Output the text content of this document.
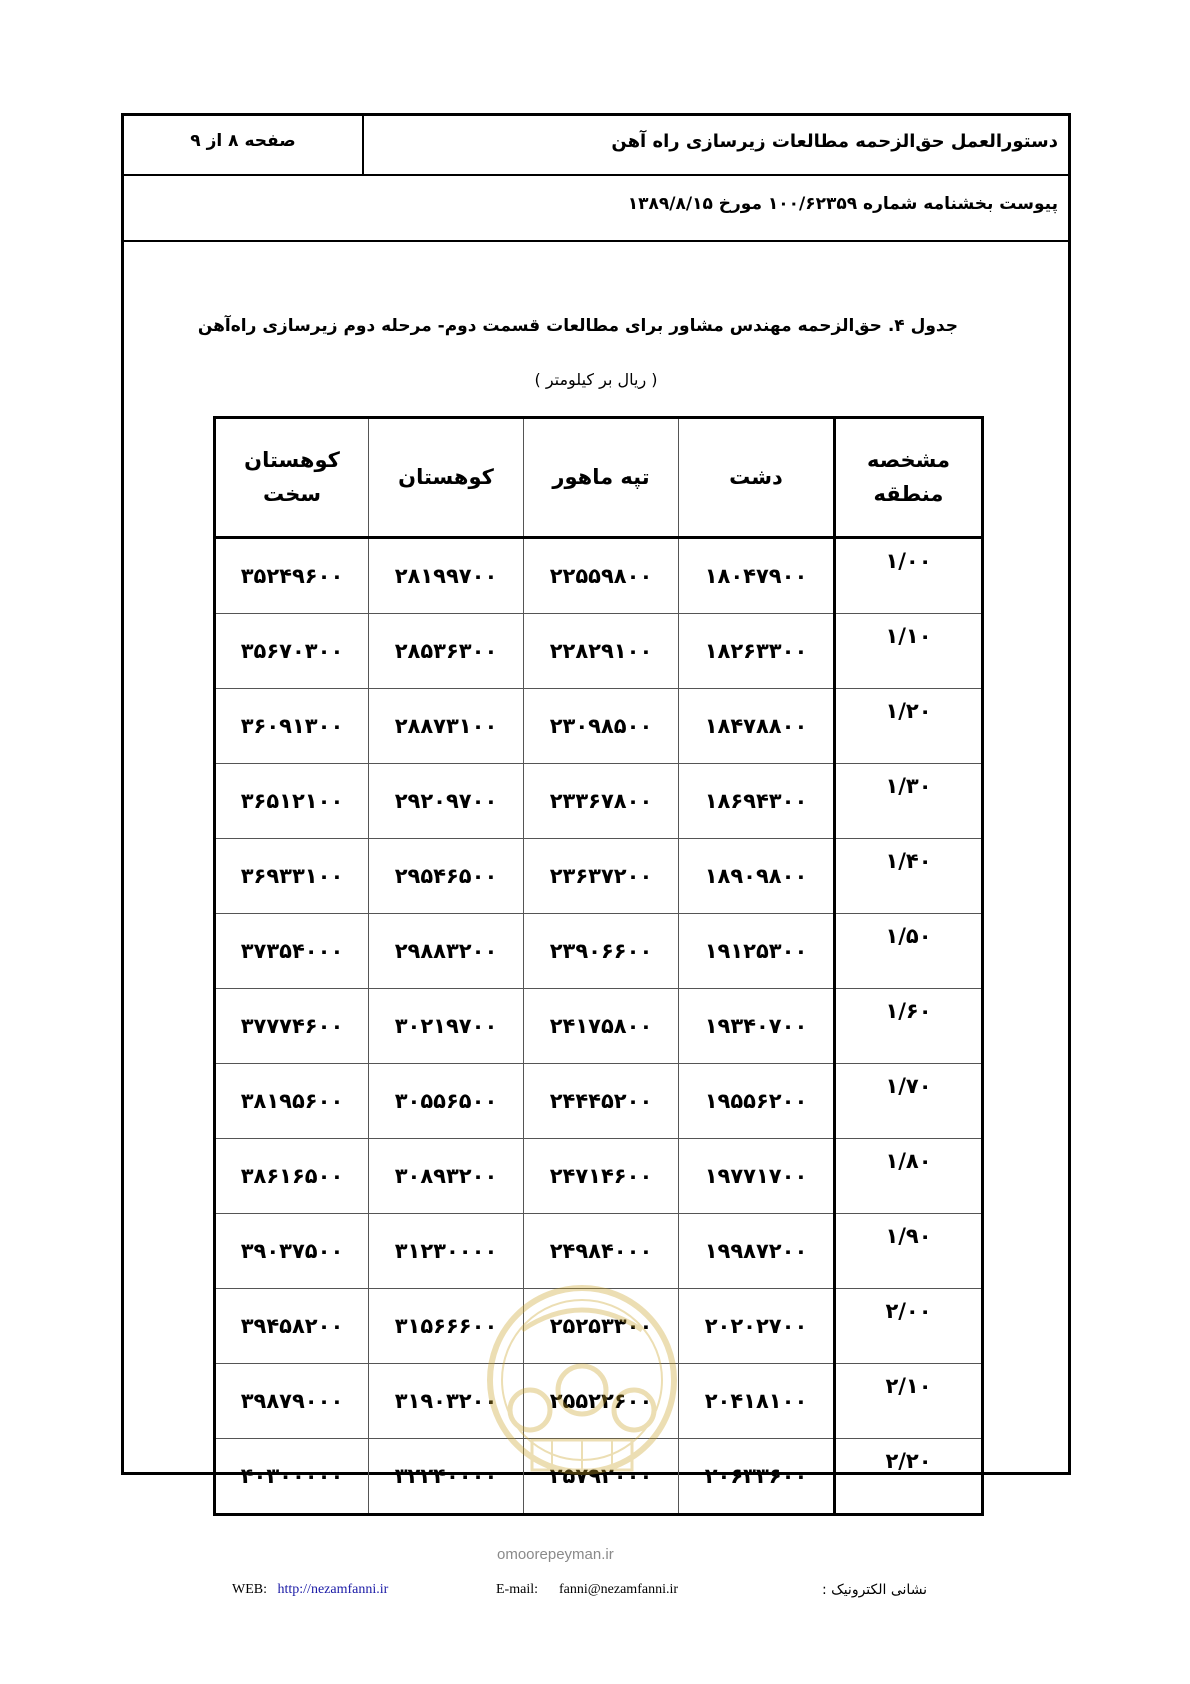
دستورالعمل حق‌الزحمه مطالعات زیرسازی راه آهن
صفحه ۸ از ۹
پیوست بخشنامه شماره ۱۰۰/۶۲۳۵۹ مورخ ۱۳۸۹/۸/۱۵
جدول ۴. حق‌الزحمه مهندس مشاور برای مطالعات قسمت دوم- مرحله دوم زیرسازی راه‌آهن
( ریال بر کیلومتر )
مشخصه منطقه	دشت	تپه ماهور	کوهستان	کوهستان سخت
۱/۰۰	۱۸۰۴۷۹۰۰	۲۲۵۵۹۸۰۰	۲۸۱۹۹۷۰۰	۳۵۲۴۹۶۰۰
۱/۱۰	۱۸۲۶۳۳۰۰	۲۲۸۲۹۱۰۰	۲۸۵۳۶۳۰۰	۳۵۶۷۰۳۰۰
۱/۲۰	۱۸۴۷۸۸۰۰	۲۳۰۹۸۵۰۰	۲۸۸۷۳۱۰۰	۳۶۰۹۱۳۰۰
۱/۳۰	۱۸۶۹۴۳۰۰	۲۳۳۶۷۸۰۰	۲۹۲۰۹۷۰۰	۳۶۵۱۲۱۰۰
۱/۴۰	۱۸۹۰۹۸۰۰	۲۳۶۳۷۲۰۰	۲۹۵۴۶۵۰۰	۳۶۹۳۳۱۰۰
۱/۵۰	۱۹۱۲۵۳۰۰	۲۳۹۰۶۶۰۰	۲۹۸۸۳۲۰۰	۳۷۳۵۴۰۰۰
۱/۶۰	۱۹۳۴۰۷۰۰	۲۴۱۷۵۸۰۰	۳۰۲۱۹۷۰۰	۳۷۷۷۴۶۰۰
۱/۷۰	۱۹۵۵۶۲۰۰	۲۴۴۴۵۲۰۰	۳۰۵۵۶۵۰۰	۳۸۱۹۵۶۰۰
۱/۸۰	۱۹۷۷۱۷۰۰	۲۴۷۱۴۶۰۰	۳۰۸۹۳۲۰۰	۳۸۶۱۶۵۰۰
۱/۹۰	۱۹۹۸۷۲۰۰	۲۴۹۸۴۰۰۰	۳۱۲۳۰۰۰۰	۳۹۰۳۷۵۰۰
۲/۰۰	۲۰۲۰۲۷۰۰	۲۵۲۵۳۳۰۰	۳۱۵۶۶۶۰۰	۳۹۴۵۸۲۰۰
۲/۱۰	۲۰۴۱۸۱۰۰	۲۵۵۲۲۶۰۰	۳۱۹۰۳۲۰۰	۳۹۸۷۹۰۰۰
۲/۲۰	۲۰۶۳۳۶۰۰	۲۵۷۹۲۰۰۰	۳۲۲۴۰۰۰۰	۴۰۳۰۰۰۰۰
omoorepeyman.ir
WEB: http://nezamfanni.ir	E-mail: fanni@nezamfanni.ir	نشانی الکترونیک :
